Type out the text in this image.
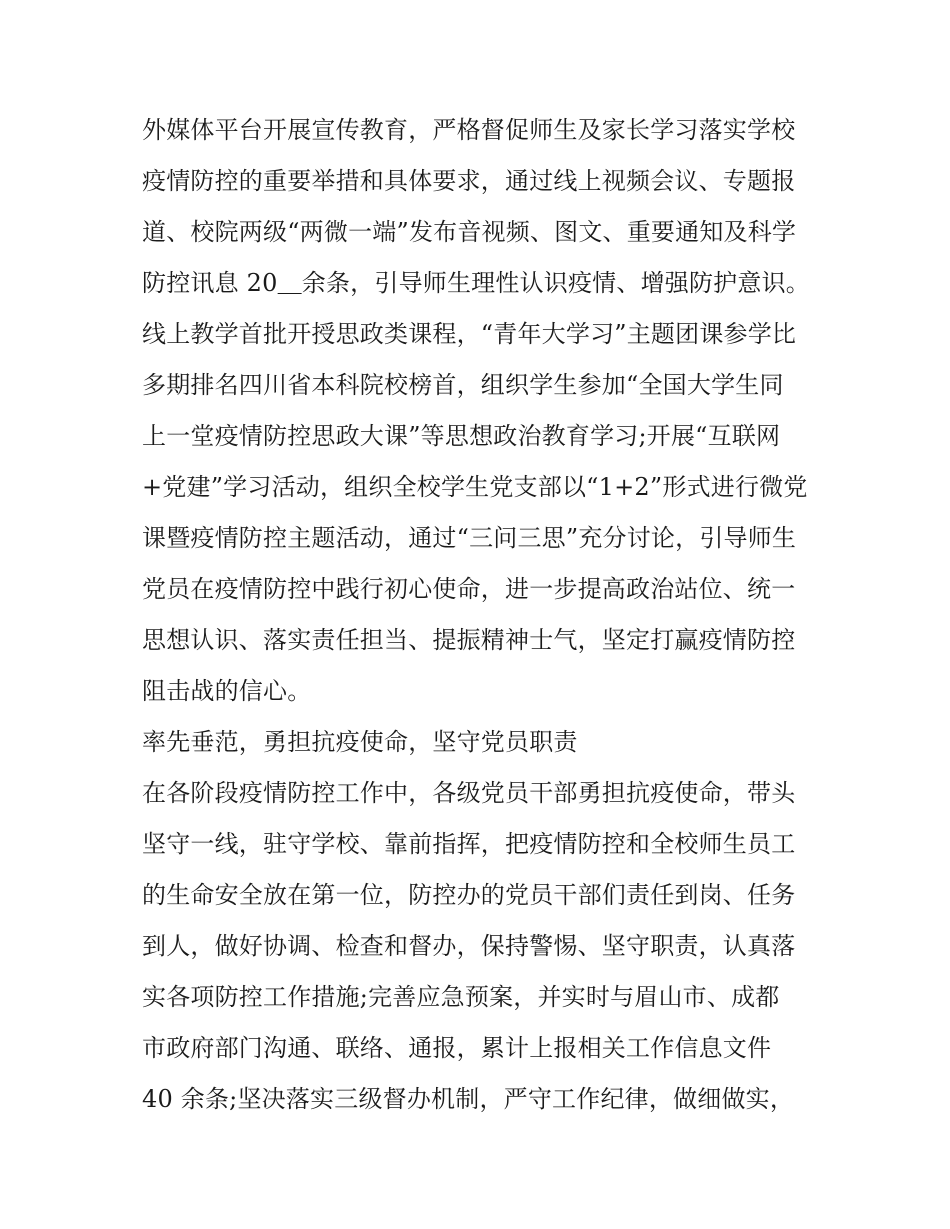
外媒体平台开展宣传教育，严格督促师生及家长学习落实学校
疫情防控的重要举措和具体要求，通过线上视频会议、专题报
道、校院两级“两微一端”发布音视频、图文、重要通知及科学
防控讯息 20＿余条，引导师生理性认识疫情、增强防护意识。
线上教学首批开授思政类课程，“青年大学习”主题团课参学比
多期排名四川省本科院校榜首，组织学生参加“全国大学生同
上一堂疫情防控思政大课”等思想政治教育学习;开展“互联网
+党建”学习活动，组织全校学生党支部以“1+2”形式进行微党
课暨疫情防控主题活动，通过“三问三思”充分讨论，引导师生
党员在疫情防控中践行初心使命，进一步提高政治站位、统一
思想认识、落实责任担当、提振精神士气，坚定打赢疫情防控
阻击战的信心。
率先垂范，勇担抗疫使命，坚守党员职责
在各阶段疫情防控工作中，各级党员干部勇担抗疫使命，带头
坚守一线，驻守学校、靠前指挥，把疫情防控和全校师生员工
的生命安全放在第一位，防控办的党员干部们责任到岗、任务
到人，做好协调、检查和督办，保持警惕、坚守职责，认真落
实各项防控工作措施;完善应急预案，并实时与眉山市、成都
市政府部门沟通、联络、通报，累计上报相关工作信息文件
40 余条;坚决落实三级督办机制，严守工作纪律，做细做实，
